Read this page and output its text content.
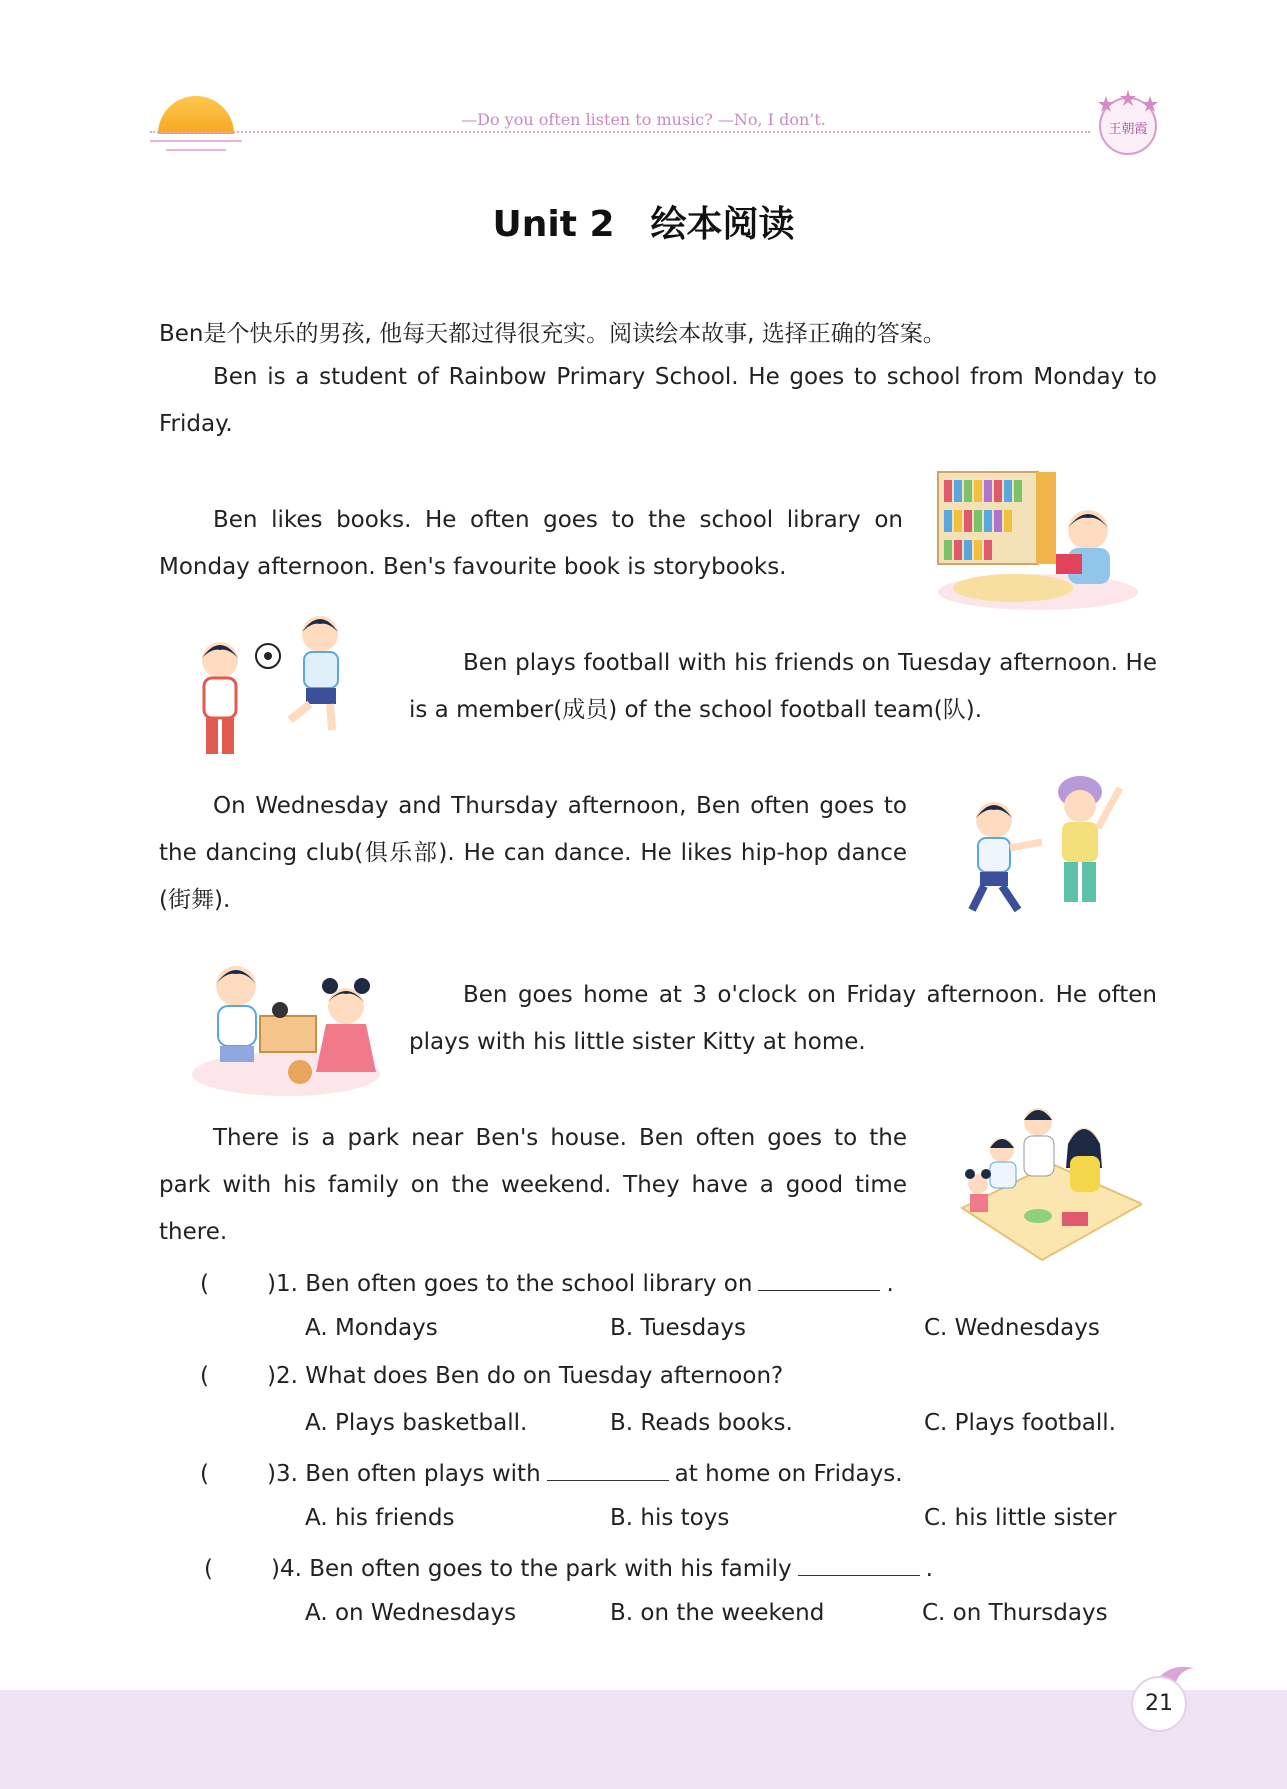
—Do you often listen to music? —No, I don’t.
王朝霞
Unit 2　绘本阅读
Ben是个快乐的男孩, 他每天都过得很充实。阅读绘本故事, 选择正确的答案。

Ben is a student of Rainbow Primary School. He goes to school from Monday to Friday.

Ben likes books. He often goes to the school library on Monday afternoon. Ben's favourite book is storybooks.

Ben plays football with his friends on Tuesday afternoon. He is a member(成员) of the school football team(队).

On Wednesday and Thursday afternoon, Ben often goes to the dancing club(俱乐部). He can dance. He likes hip-hop dance (街舞).

Ben goes home at 3 o'clock on Friday afternoon. He often plays with his little sister Kitty at home.

There is a park near Ben's house. Ben often goes to the park with his family on the weekend. They have a good time there.

(	)1. Ben often goes to the school library on	.
A. Mondays	B. Tuesdays	C. Wednesdays
(	)2. What does Ben do on Tuesday afternoon?
A. Plays basketball.	B. Reads books.	C. Plays football.
(	)3. Ben often plays with	at home on Fridays.
A. his friends	B. his toys	C. his little sister
(	)4. Ben often goes to the park with his family	.
A. on Wednesdays	B. on the weekend	C. on Thursdays
21
